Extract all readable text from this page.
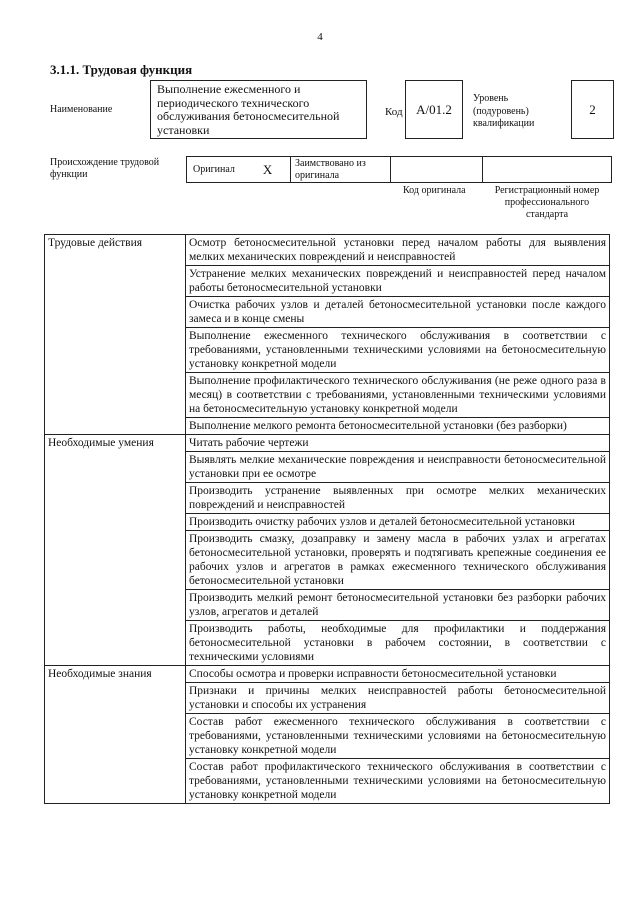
4
3.1.1. Трудовая функция
Наименование
Выполнение ежесменного и периодического технического обслуживания бетоносмесительной установки
Код	А/01.2
Уровень (подуровень) квалификации
2
Происхождение трудовой функции	Оригинал X	Заимствовано из оригинала
Код оригинала	Регистрационный номер профессионального стандарта
Трудовые действия	Осмотр бетоносмесительной установки перед началом работы для выявления мелких механических повреждений и неисправностей
	Устранение мелких механических повреждений и неисправностей перед началом работы бетоносмесительной установки
	Очистка рабочих узлов и деталей бетоносмесительной установки после каждого замеса и в конце смены
	Выполнение ежесменного технического обслуживания в соответствии с требованиями, установленными техническими условиями на бетоносмесительную установку конкретной модели
	Выполнение профилактического технического обслуживания (не реже одного раза в месяц) в соответствии с требованиями, установленными техническими условиями на бетоносмесительную установку конкретной модели
	Выполнение мелкого ремонта бетоносмесительной установки (без разборки)
Необходимые умения	Читать рабочие чертежи
	Выявлять мелкие механические повреждения и неисправности бетоносмесительной установки при ее осмотре
	Производить устранение выявленных при осмотре мелких механических повреждений и неисправностей
	Производить очистку рабочих узлов и деталей бетоносмесительной установки
	Производить смазку, дозаправку и замену масла в рабочих узлах и агрегатах бетоносмесительной установки, проверять и подтягивать крепежные соединения ее рабочих узлов и агрегатов в рамках ежесменного технического обслуживания бетоносмесительной установки
	Производить мелкий ремонт бетоносмесительной установки без разборки рабочих узлов, агрегатов и деталей
	Производить работы, необходимые для профилактики и поддержания бетоносмесительной установки в рабочем состоянии, в соответствии с техническими условиями
Необходимые знания	Способы осмотра и проверки исправности бетоносмесительной установки
	Признаки и причины мелких неисправностей работы бетоносмесительной установки и способы их устранения
	Состав работ ежесменного технического обслуживания в соответствии с требованиями, установленными техническими условиями на бетоносмесительную установку конкретной модели
	Состав работ профилактического технического обслуживания в соответствии с требованиями, установленными техническими условиями на бетоносмесительную установку конкретной модели
